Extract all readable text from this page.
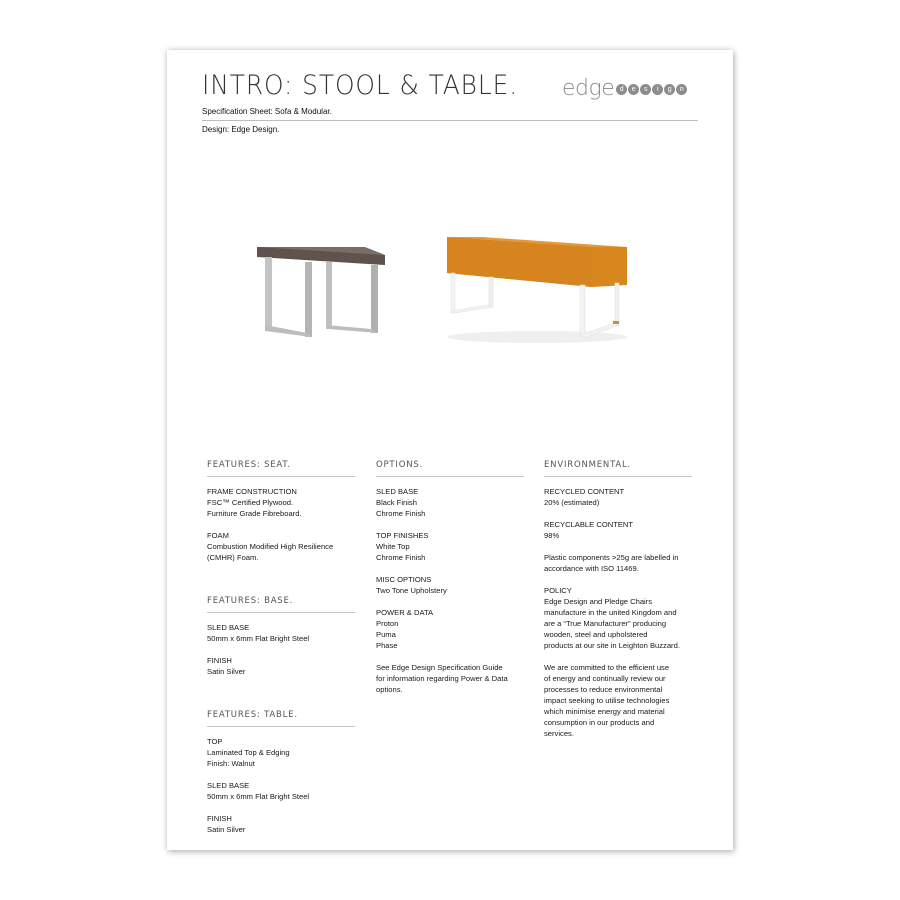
INTRO: STOOL & TABLE. edge d	e	s	i	g	n
Specification Sheet: Sofa & Modular.
Design: Edge Design.
FEATURES: SEAT.
FRAME CONSTRUCTION
FSC™ Certified Plywood.
Furniture Grade Fibreboard.
FOAM
Combustion Modified High Resilience
(CMHR) Foam.
FEATURES: BASE.
SLED BASE
50mm x 6mm Flat Bright Steel
FINISH
Satin Silver
FEATURES: TABLE.
TOP
Laminated Top & Edging
Finish: Walnut
SLED BASE
50mm x 6mm Flat Bright Steel
FINISH
Satin Silver
OPTIONS.
SLED BASE
Black Finish
Chrome Finish
TOP FINISHES
White Top
Chrome Finish
MISC OPTIONS
Two Tone Upholstery
POWER & DATA
Proton
Puma
Phase
See Edge Design Specification Guide
for information regarding Power & Data
options.
ENVIRONMENTAL.
RECYCLED CONTENT
20% (estimated)
RECYCLABLE CONTENT
98%
Plastic components >25g are labelled in
accordance with ISO 11469.
POLICY
Edge Design and Pledge Chairs
manufacture in the united Kingdom and
are a “True Manufacturer” producing
wooden, steel and upholstered
products at our site in Leighton Buzzard.
We are committed to the efficient use
of energy and continually review our
processes to reduce environmental
impact seeking to utilise technologies
which minimise energy and material
consumption in our products and
services.
